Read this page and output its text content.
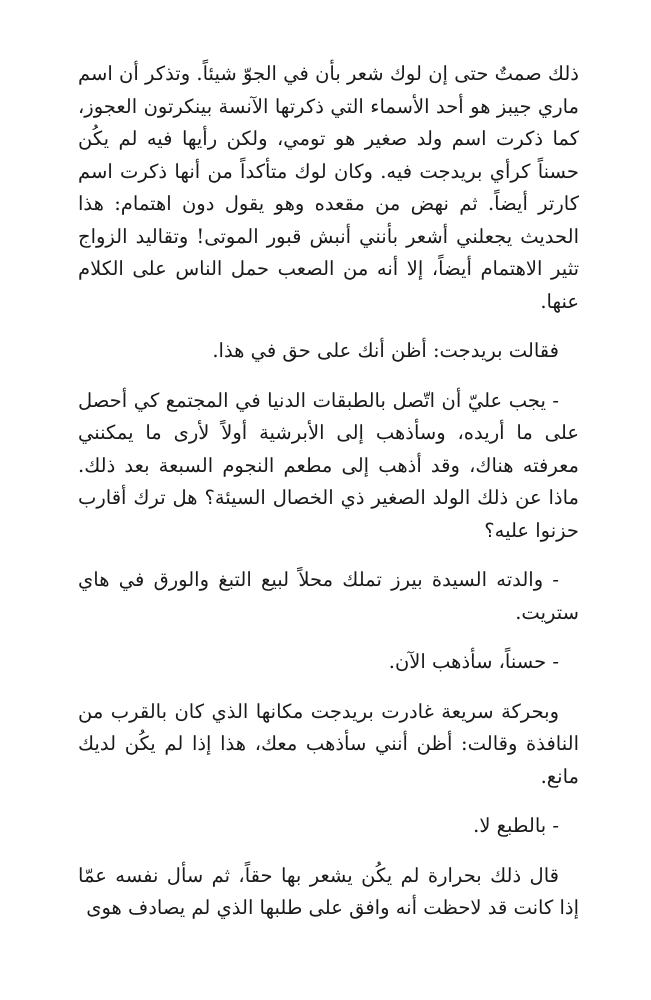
ذلك صمتٌ حتى إن لوك شعر بأن في الجوّ شيئاً. وتذكر أن اسم ماري جيبز هو أحد الأسماء التي ذكرتها الآنسة بينكرتون العجوز، كما ذكرت اسم ولد صغير هو تومي، ولكن رأيها فيه لم يكُن حسناً كرأي بريدجت فيه. وكان لوك متأكداً من أنها ذكرت اسم كارتر أيضاً. ثم نهض من مقعده وهو يقول دون اهتمام: هذا الحديث يجعلني أشعر بأنني أنبش قبور الموتى! وتقاليد الزواج تثير الاهتمام أيضاً، إلا أنه من الصعب حمل الناس على الكلام عنها.

فقالت بريدجت: أظن أنك على حق في هذا.

- يجب عليّ أن اتّصل بالطبقات الدنيا في المجتمع كي أحصل على ما أريده، وسأذهب إلى الأبرشية أولاً لأرى ما يمكنني معرفته هناك، وقد أذهب إلى مطعم النجوم السبعة بعد ذلك. ماذا عن ذلك الولد الصغير ذي الخصال السيئة؟ هل ترك أقارب حزنوا عليه؟

- والدته السيدة بيرز تملك محلاً لبيع التبغ والورق في هاي ستريت.

- حسناً، سأذهب الآن.

وبحركة سريعة غادرت بريدجت مكانها الذي كان بالقرب من النافذة وقالت: أظن أنني سأذهب معك، هذا إذا لم يكُن لديك مانع.

- بالطبع لا.

قال ذلك بحرارة لم يكُن يشعر بها حقاً، ثم سأل نفسه عمّا إذا كانت قد لاحظت أنه وافق على طلبها الذي لم يصادف هوى
